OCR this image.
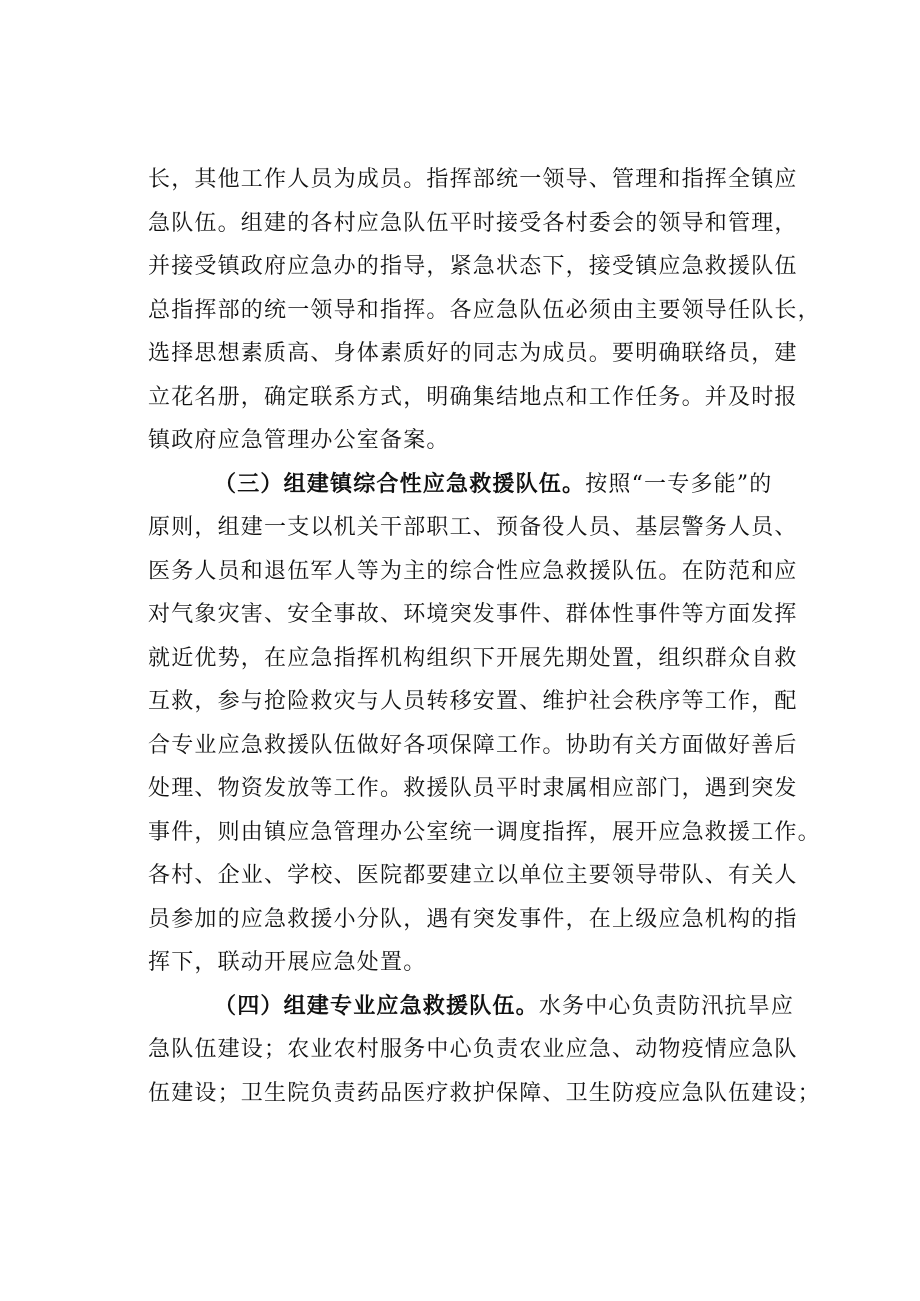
长，其他工作人员为成员。指挥部统一领导、管理和指挥全镇应
急队伍。组建的各村应急队伍平时接受各村委会的领导和管理，
并接受镇政府应急办的指导，紧急状态下，接受镇应急救援队伍
总指挥部的统一领导和指挥。各应急队伍必须由主要领导任队长，
选择思想素质高、身体素质好的同志为成员。要明确联络员，建
立花名册，确定联系方式，明确集结地点和工作任务。并及时报
镇政府应急管理办公室备案。
（三）组建镇综合性应急救援队伍。按照“一专多能”的
原则，组建一支以机关干部职工、预备役人员、基层警务人员、
医务人员和退伍军人等为主的综合性应急救援队伍。在防范和应
对气象灾害、安全事故、环境突发事件、群体性事件等方面发挥
就近优势，在应急指挥机构组织下开展先期处置，组织群众自救
互救，参与抢险救灾与人员转移安置、维护社会秩序等工作，配
合专业应急救援队伍做好各项保障工作。协助有关方面做好善后
处理、物资发放等工作。救援队员平时隶属相应部门，遇到突发
事件，则由镇应急管理办公室统一调度指挥，展开应急救援工作。
各村、企业、学校、医院都要建立以单位主要领导带队、有关人
员参加的应急救援小分队，遇有突发事件，在上级应急机构的指
挥下，联动开展应急处置。
（四）组建专业应急救援队伍。水务中心负责防汛抗旱应
急队伍建设；农业农村服务中心负责农业应急、动物疫情应急队
伍建设；卫生院负责药品医疗救护保障、卫生防疫应急队伍建设；
